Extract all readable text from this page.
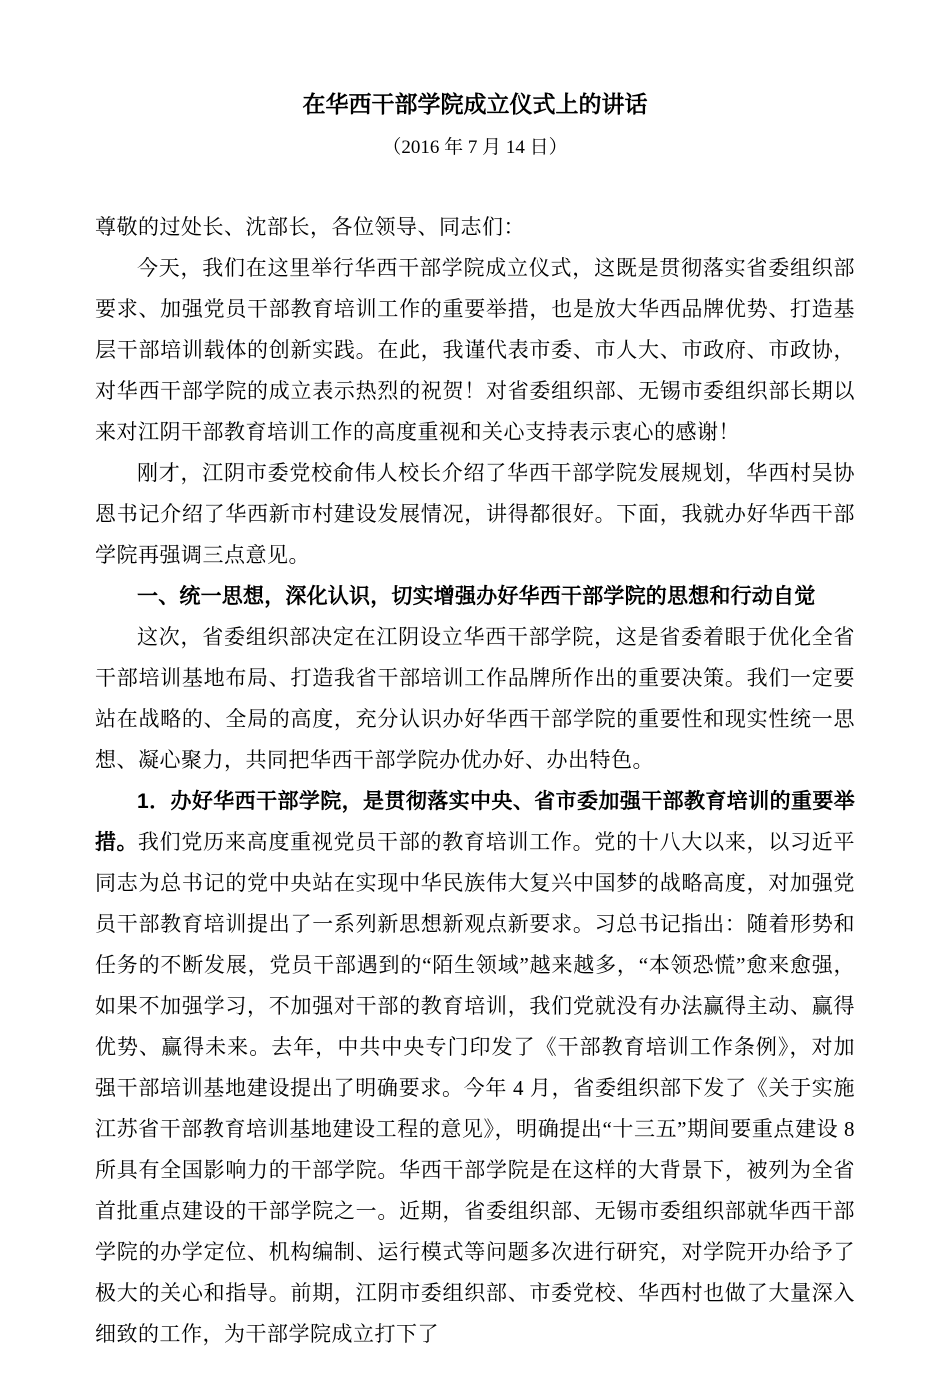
在华西干部学院成立仪式上的讲话
（2016 年 7 月 14 日）

尊敬的过处长、沈部长，各位领导、同志们：

今天，我们在这里举行华西干部学院成立仪式，这既是贯彻落实省委组织部要求、加强党员干部教育培训工作的重要举措，也是放大华西品牌优势、打造基层干部培训载体的创新实践。在此，我谨代表市委、市人大、市政府、市政协，对华西干部学院的成立表示热烈的祝贺！对省委组织部、无锡市委组织部长期以来对江阴干部教育培训工作的高度重视和关心支持表示衷心的感谢！

刚才，江阴市委党校俞伟人校长介绍了华西干部学院发展规划，华西村吴协恩书记介绍了华西新市村建设发展情况，讲得都很好。下面，我就办好华西干部学院再强调三点意见。

一、统一思想，深化认识，切实增强办好华西干部学院的思想和行动自觉

这次，省委组织部决定在江阴设立华西干部学院，这是省委着眼于优化全省干部培训基地布局、打造我省干部培训工作品牌所作出的重要决策。我们一定要站在战略的、全局的高度，充分认识办好华西干部学院的重要性和现实性统一思想、凝心聚力，共同把华西干部学院办优办好、办出特色。

1．办好华西干部学院，是贯彻落实中央、省市委加强干部教育培训的重要举措。我们党历来高度重视党员干部的教育培训工作。党的十八大以来，以习近平同志为总书记的党中央站在实现中华民族伟大复兴中国梦的战略高度，对加强党员干部教育培训提出了一系列新思想新观点新要求。习总书记指出：随着形势和任务的不断发展，党员干部遇到的“陌生领域”越来越多，“本领恐慌”愈来愈强，如果不加强学习，不加强对干部的教育培训，我们党就没有办法赢得主动、赢得优势、赢得未来。去年，中共中央专门印发了《干部教育培训工作条例》，对加强干部培训基地建设提出了明确要求。今年 4 月，省委组织部下发了《关于实施江苏省干部教育培训基地建设工程的意见》，明确提出“十三五”期间要重点建设 8 所具有全国影响力的干部学院。华西干部学院是在这样的大背景下，被列为全省首批重点建设的干部学院之一。近期，省委组织部、无锡市委组织部就华西干部学院的办学定位、机构编制、运行模式等问题多次进行研究，对学院开办给予了极大的关心和指导。前期，江阴市委组织部、市委党校、华西村也做了大量深入细致的工作，为干部学院成立打下了
